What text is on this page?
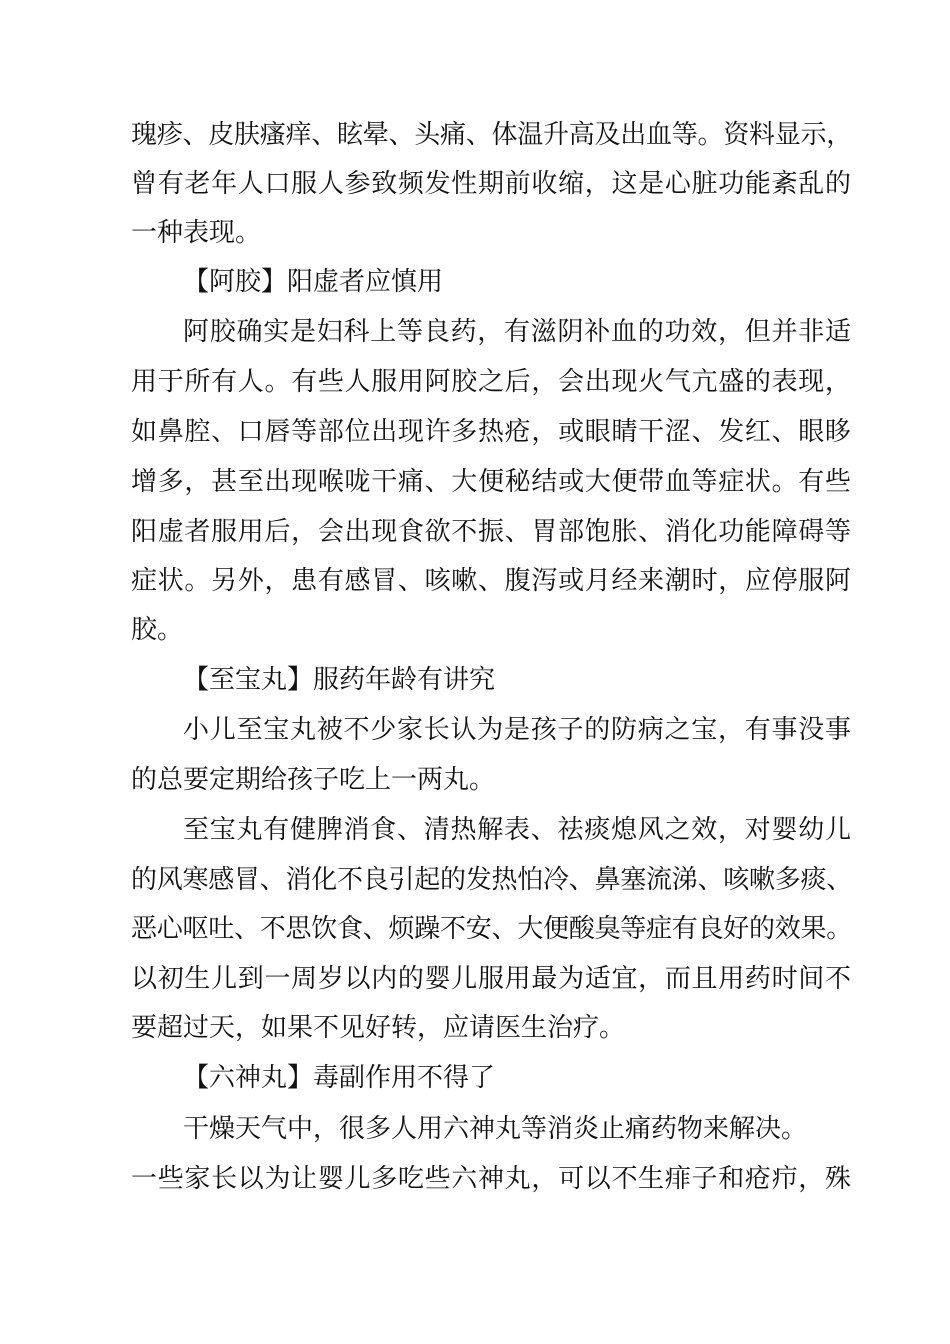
瑰疹、皮肤瘙痒、眩晕、头痛、体温升高及出血等。资料显示，
曾有老年人口服人参致频发性期前收缩，这是心脏功能紊乱的
一种表现。
【阿胶】阳虚者应慎用
阿胶确实是妇科上等良药，有滋阴补血的功效，但并非适
用于所有人。有些人服用阿胶之后，会出现火气亢盛的表现，
如鼻腔、口唇等部位出现许多热疮，或眼睛干涩、发红、眼眵
增多，甚至出现喉咙干痛、大便秘结或大便带血等症状。有些
阳虚者服用后，会出现食欲不振、胃部饱胀、消化功能障碍等
症状。另外，患有感冒、咳嗽、腹泻或月经来潮时，应停服阿
胶。
【至宝丸】服药年龄有讲究
小儿至宝丸被不少家长认为是孩子的防病之宝，有事没事
的总要定期给孩子吃上一两丸。
至宝丸有健脾消食、清热解表、祛痰熄风之效，对婴幼儿
的风寒感冒、消化不良引起的发热怕冷、鼻塞流涕、咳嗽多痰、
恶心呕吐、不思饮食、烦躁不安、大便酸臭等症有良好的效果。
以初生儿到一周岁以内的婴儿服用最为适宜，而且用药时间不
要超过天，如果不见好转，应请医生治疗。
【六神丸】毒副作用不得了
干燥天气中，很多人用六神丸等消炎止痛药物来解决。
一些家长以为让婴儿多吃些六神丸，可以不生痱子和疮疖，殊
